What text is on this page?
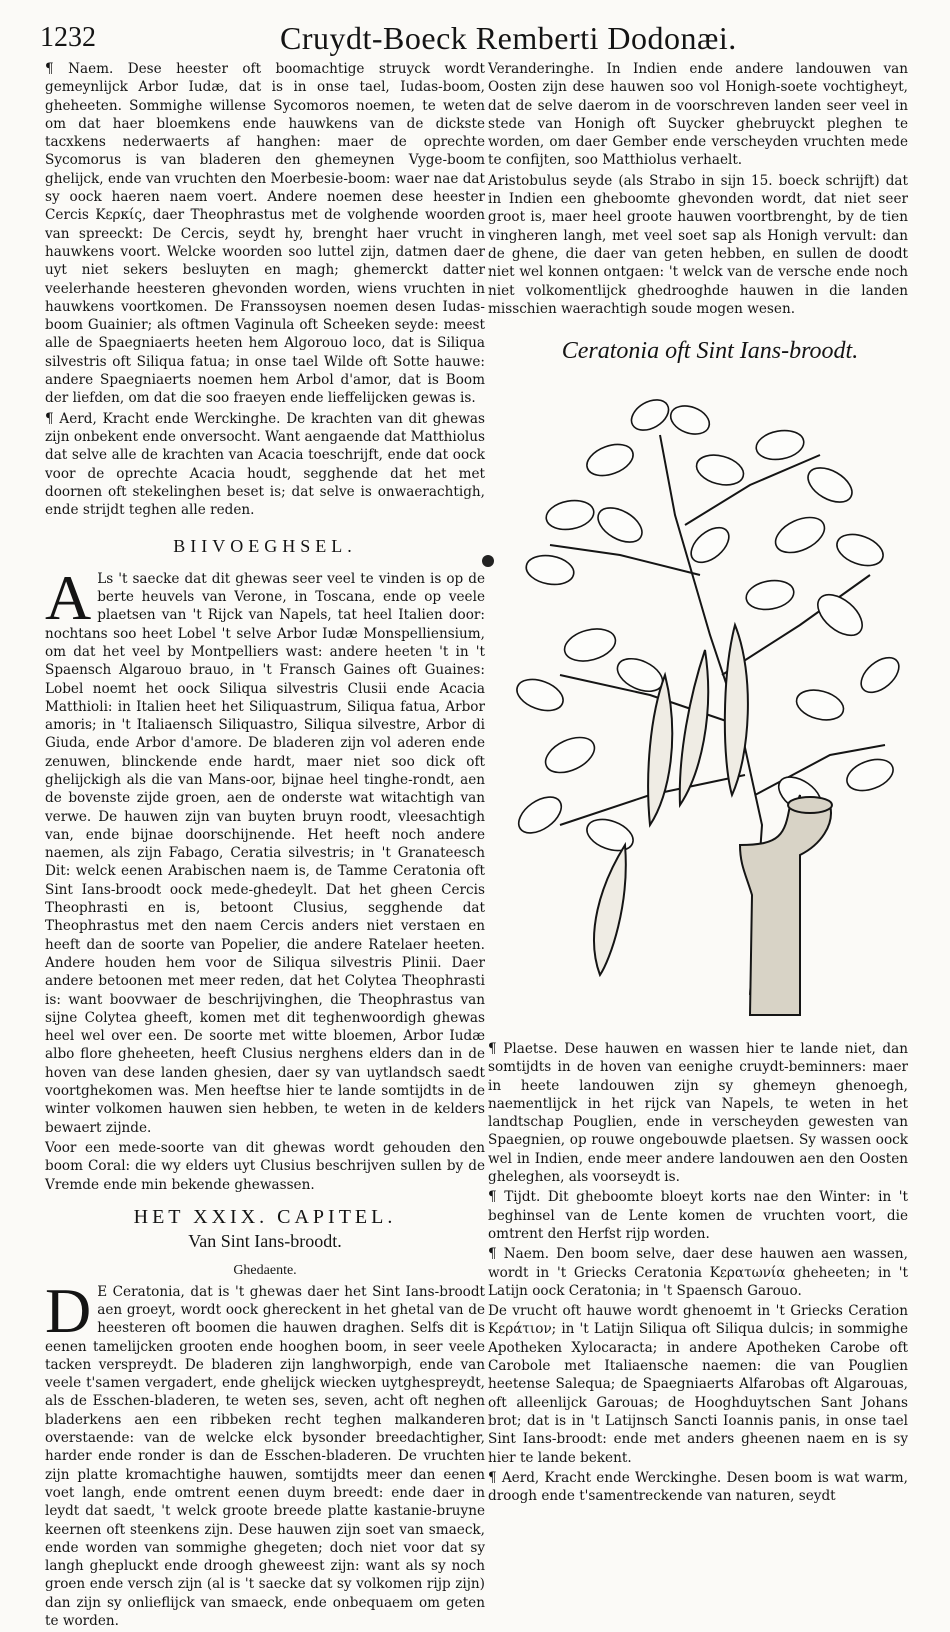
1232	Cruydt-Boeck Remberti Dodonæi.

¶ Naem. Dese heester oft boomachtige struyck wordt gemeynlijck Arbor Iudæ, dat is in onse tael, Iudas-boom, gheheeten. Sommighe willense Sycomoros noemen, te weten om dat haer bloemkens ende hauwkens van de dickste tacxkens nederwaerts af hanghen: maer de oprechte Sycomorus is van bladeren den ghemeynen Vyge-boom ghelijck, ende van vruchten den Moerbesie-boom: waer nae dat sy oock haeren naem voert. Andere noemen dese heester Cercis Κερκίς, daer Theophrastus met de volghende woorden van spreeckt: De Cercis, seydt hy, brenght haer vrucht in hauwkens voort. Welcke woorden soo luttel zijn, datmen daer uyt niet sekers besluyten en magh; ghemerckt datter veelerhande heesteren ghevonden worden, wiens vruchten in hauwkens voortkomen. De Franssoysen noemen desen Iudas-boom Guainier; als oftmen Vaginula oft Scheeken seyde: meest alle de Spaegniaerts heeten hem Algorouo loco, dat is Siliqua silvestris oft Siliqua fatua; in onse tael Wilde oft Sotte hauwe: andere Spaegniaerts noemen hem Arbol d'amor, dat is Boom der liefden, om dat die soo fraeyen ende lieffelijcken gewas is.

¶ Aerd, Kracht ende Werckinghe. De krachten van dit ghewas zijn onbekent ende onversocht. Want aengaende dat Matthiolus dat selve alle de krachten van Acacia toeschrijft, ende dat oock voor de oprechte Acacia houdt, segghende dat het met doornen oft stekelinghen beset is; dat selve is onwaerachtigh, ende strijdt teghen alle reden.

BIIVOEGHSEL.

A Ls 't saecke dat dit ghewas seer veel te vinden is op de berte heuvels van Verone, in Toscana, ende op veele plaetsen van 't Rijck van Napels, tat heel Italien door: nochtans soo heet Lobel 't selve Arbor Iudæ Monspelliensium, om dat het veel by Montpelliers wast: andere heeten 't in 't Spaensch Algarouo brauo, in 't Fransch Gaines oft Guaines: Lobel noemt het oock Siliqua silvestris Clusii ende Acacia Matthioli: in Italien heet het Siliquastrum, Siliqua fatua, Arbor amoris; in 't Italiaensch Siliquastro, Siliqua silvestre, Arbor di Giuda, ende Arbor d'amore. De bladeren zijn vol aderen ende zenuwen, blinckende ende hardt, maer niet soo dick oft ghelijckigh als die van Mans-oor, bijnae heel tinghe-rondt, aen de bovenste zijde groen, aen de onderste wat witachtigh van verwe. De hauwen zijn van buyten bruyn roodt, vleesachtigh van, ende bijnae doorschijnende. Het heeft noch andere naemen, als zijn Fabago, Ceratia silvestris; in 't Granateesch Dit: welck eenen Arabischen naem is, de Tamme Ceratonia oft Sint Ians-broodt oock mede-ghedeylt. Dat het gheen Cercis Theophrasti en is, betoont Clusius, segghende dat Theophrastus met den naem Cercis anders niet verstaen en heeft dan de soorte van Popelier, die andere Ratelaer heeten. Andere houden hem voor de Siliqua silvestris Plinii. Daer andere betoonen met meer reden, dat het Colytea Theophrasti is: want boovwaer de beschrijvinghen, die Theophrastus van sijne Colytea gheeft, komen met dit teghenwoordigh ghewas heel wel over een. De soorte met witte bloemen, Arbor Iudæ albo flore gheheeten, heeft Clusius nerghens elders dan in de hoven van dese landen ghesien, daer sy van uytlandsch saedt voortghekomen was. Men heeftse hier te lande somtijdts in de winter volkomen hauwen sien hebben, te weten in de kelders bewaert zijnde.

Voor een mede-soorte van dit ghewas wordt gehouden den boom Coral: die wy elders uyt Clusius beschrijven sullen by de Vremde ende min bekende ghewassen.

HET XXIX. CAPITEL.
Van Sint Ians-broodt.
Ghedaente.

D E Ceratonia, dat is 't ghewas daer het Sint Ians-broodt aen groeyt, wordt oock ghereckent in het ghetal van de heesteren oft boomen die hauwen draghen. Selfs dit is eenen tamelijcken grooten ende hooghen boom, in seer veele tacken verspreydt. De bladeren zijn langhworpigh, ende van veele t'samen vergadert, ende ghelijck wiecken uytghespreydt, als de Esschen-bladeren, te weten ses, seven, acht oft neghen bladerkens aen een ribbeken recht teghen malkanderen overstaende: van de welcke elck bysonder breedachtigher, harder ende ronder is dan de Esschen-bladeren. De vruchten zijn platte kromachtighe hauwen, somtijdts meer dan eenen voet langh, ende omtrent eenen duym breedt: ende daer in leydt dat saedt, 't welck groote breede platte kastanie-bruyne keernen oft steenkens zijn. Dese hauwen zijn soet van smaeck, ende worden van sommighe ghegeten; doch niet voor dat sy langh ghepluckt ende droogh gheweest zijn: want als sy noch groen ende versch zijn (al is 't saecke dat sy volkomen rijp zijn) dan zijn sy onlieflijck van smaeck, ende onbequaem om geten te worden.

Veranderinghe. In Indien ende andere landouwen van Oosten zijn dese hauwen soo vol Honigh-soete vochtigheyt, dat de selve daerom in de voorschreven landen seer veel in stede van Honigh oft Suycker ghebruyckt pleghen te worden, om daer Gember ende verscheyden vruchten mede te confijten, soo Matthiolus verhaelt.

Aristobulus seyde (als Strabo in sijn 15. boeck schrijft) dat in Indien een gheboomte ghevonden wordt, dat niet seer groot is, maer heel groote hauwen voortbrenght, by de tien vingheren langh, met veel soet sap als Honigh vervult: dan de ghene, die daer van geten hebben, en sullen de doodt niet wel konnen ontgaen: 't welck van de versche ende noch niet volkomentlijck ghedrooghde hauwen in die landen misschien waerachtigh soude mogen wesen.

Ceratonia oft Sint Ians-broodt.

¶ Plaetse. Dese hauwen en wassen hier te lande niet, dan somtijdts in de hoven van eenighe cruydt-beminners: maer in heete landouwen zijn sy ghemeyn ghenoegh, naementlijck in het rijck van Napels, te weten in het landtschap Pouglien, ende in verscheyden gewesten van Spaegnien, op rouwe ongebouwde plaetsen. Sy wassen oock wel in Indien, ende meer andere landouwen aen den Oosten gheleghen, als voorseydt is.

¶ Tijdt. Dit gheboomte bloeyt korts nae den Winter: in 't beghinsel van de Lente komen de vruchten voort, die omtrent den Herfst rijp worden.

¶ Naem. Den boom selve, daer dese hauwen aen wassen, wordt in 't Griecks Ceratonia Κερατωνία gheheeten; in 't Latijn oock Ceratonia; in 't Spaensch Garouo.

De vrucht oft hauwe wordt ghenoemt in 't Griecks Ceration Κεράτιον; in 't Latijn Siliqua oft Siliqua dulcis; in sommighe Apotheken Xylocaracta; in andere Apotheken Carobe oft Carobole met Italiaensche naemen: die van Pouglien heetense Salequa; de Spaegniaerts Alfarobas oft Algarouas, oft alleenlijck Garouas; de Hooghduytschen Sant Johans brot; dat is in 't Latijnsch Sancti Ioannis panis, in onse tael Sint Ians-broodt: ende met anders gheenen naem en is sy hier te lande bekent.

¶ Aerd, Kracht ende Werckinghe. Desen boom is wat warm, droogh ende t'samentreckende van naturen, seydt
